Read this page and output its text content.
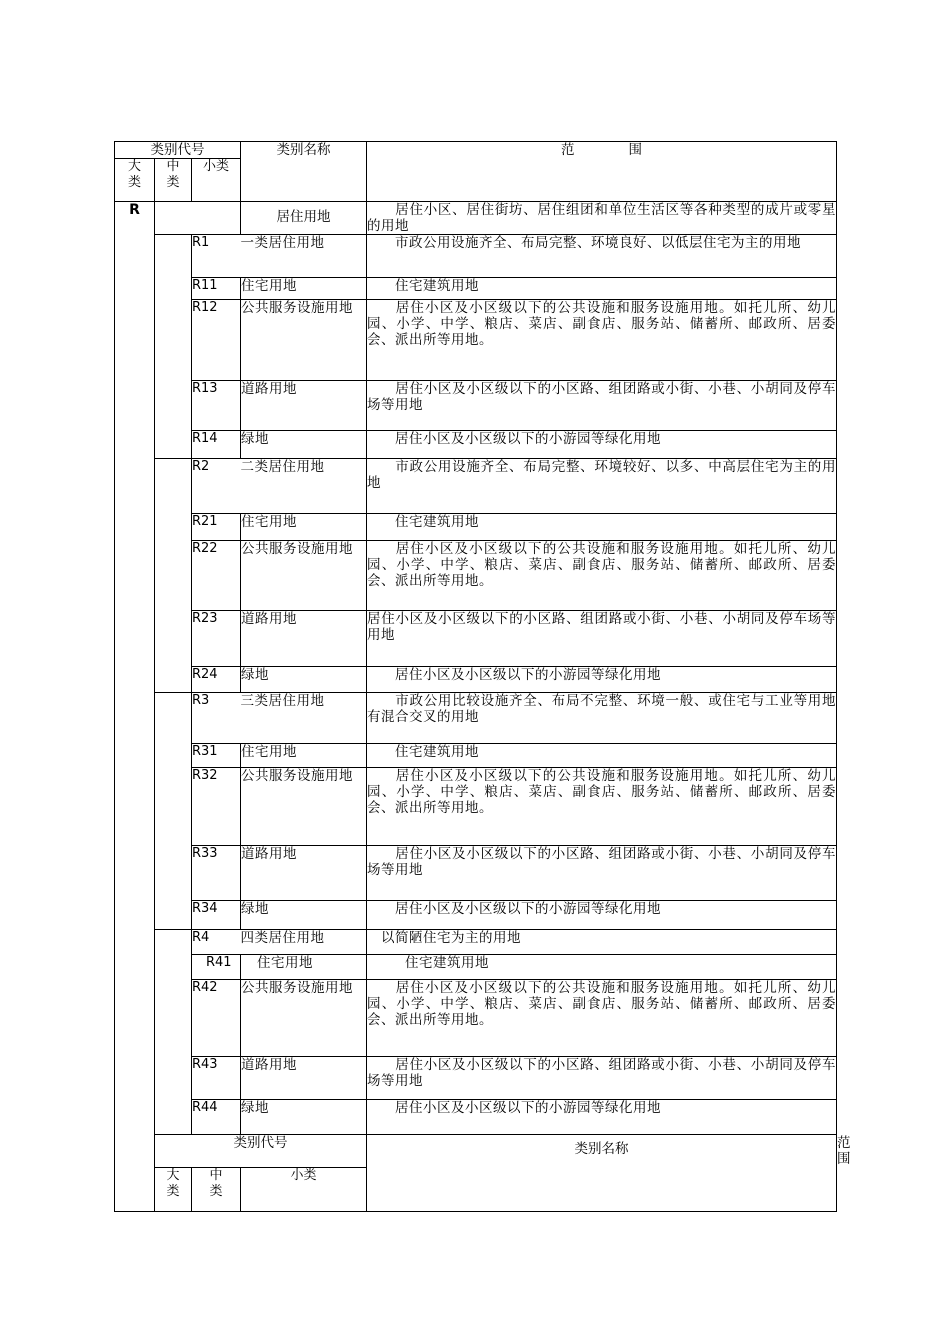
类别代号			类别名称	范　　　　围	
大类	中类	小类			
R			居住用地	居住小区、居住街坊、居住组团和单位生活区等各种类型的成片或零星的用地	
		R1	一类居住用地	市政公用设施齐全、布局完整、环境良好、以低层住宅为主的用地	
		R11	住宅用地	住宅建筑用地	
		R12	公共服务设施用地	居住小区及小区级以下的公共设施和服务设施用地。如托儿所、幼儿园、小学、中学、粮店、菜店、副食店、服务站、储蓄所、邮政所、居委会、派出所等用地。	
		R13	道路用地	居住小区及小区级以下的小区路、组团路或小街、小巷、小胡同及停车场等用地	
		R14	绿地	居住小区及小区级以下的小游园等绿化用地	
		R2	二类居住用地	市政公用设施齐全、布局完整、环境较好、以多、中高层住宅为主的用地	
		R21	住宅用地	住宅建筑用地	
		R22	公共服务设施用地	居住小区及小区级以下的公共设施和服务设施用地。如托儿所、幼儿园、小学、中学、粮店、菜店、副食店、服务站、储蓄所、邮政所、居委会、派出所等用地。	
		R23	道路用地	居住小区及小区级以下的小区路、组团路或小街、小巷、小胡同及停车场等用地	
		R24	绿地	居住小区及小区级以下的小游园等绿化用地	
		R3	三类居住用地	市政公用比较设施齐全、布局不完整、环境一般、或住宅与工业等用地有混合交叉的用地	
		R31	住宅用地	住宅建筑用地	
		R32	公共服务设施用地	居住小区及小区级以下的公共设施和服务设施用地。如托儿所、幼儿园、小学、中学、粮店、菜店、副食店、服务站、储蓄所、邮政所、居委会、派出所等用地。	
		R33	道路用地	居住小区及小区级以下的小区路、组团路或小街、小巷、小胡同及停车场等用地	
		R34	绿地	居住小区及小区级以下的小游园等绿化用地	
		R4	四类居住用地	以简陋住宅为主的用地	
		R41	住宅用地	住宅建筑用地	
		R42	公共服务设施用地	居住小区及小区级以下的公共设施和服务设施用地。如托儿所、幼儿园、小学、中学、粮店、菜店、副食店、服务站、储蓄所、邮政所、居委会、派出所等用地。	
		R43	道路用地	居住小区及小区级以下的小区路、组团路或小街、小巷、小胡同及停车场等用地	
		R44	绿地	居住小区及小区级以下的小游园等绿化用地	
	类别代号			类别名称	范　　　　围
	大类	中类	小类		
